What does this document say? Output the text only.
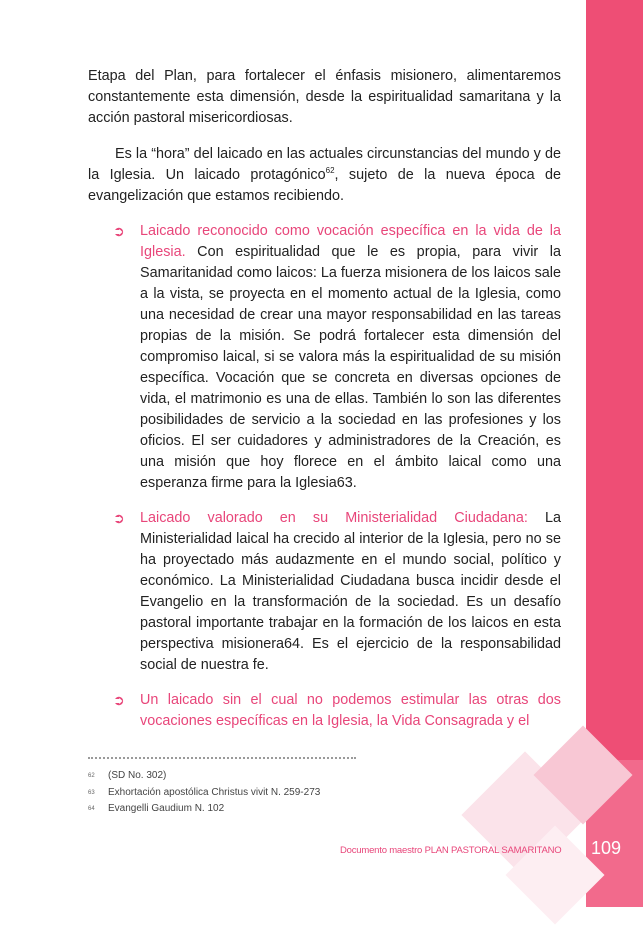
Etapa del Plan, para fortalecer el énfasis misionero, alimentaremos constantemente esta dimensión, desde la espiritualidad samaritana y la acción pastoral misericordiosas.

Es la “hora” del laicado en las actuales circunstancias del mundo y de la Iglesia. Un laicado protagónico$^{62}$, sujeto de la nueva época de evangelización que estamos recibiendo.

➲ Laicado reconocido como vocación específica en la vida de la Iglesia. Con espiritualidad que le es propia, para vivir la Samaritanidad como laicos: La fuerza misionera de los laicos sale a la vista, se proyecta en el momento actual de la Iglesia, como una necesidad de crear una mayor responsabilidad en las tareas propias de la misión. Se podrá fortalecer esta dimensión del compromiso laical, si se valora más la espiritualidad de su misión específica. Vocación que se concreta en diversas opciones de vida, el matrimonio es una de ellas. También lo son las diferentes posibilidades de servicio a la sociedad en las profesiones y los oficios. El ser cuidadores y administradores de la Creación, es una misión que hoy florece en el ámbito laical como una esperanza firme para la Iglesia63.
➲ Laicado valorado en su Ministerialidad Ciudadana: La Ministerialidad laical ha crecido al interior de la Iglesia, pero no se ha proyectado más audazmente en el mundo social, político y económico. La Ministerialidad Ciudadana busca incidir desde el Evangelio en la transformación de la sociedad. Es un desafío pastoral importante trabajar en la formación de los laicos en esta perspectiva misionera64. Es el ejercicio de la responsabilidad social de nuestra fe.
➲ Un laicado sin el cual no podemos estimular las otras dos vocaciones específicas en la Iglesia, la Vida Consagrada y el
62	(SD No. 302)
63	Exhortación apostólica Christus vivit N. 259-273
64	Evangelli Gaudium N. 102
Documento maestro PLAN PASTORAL SAMARITANO 109
